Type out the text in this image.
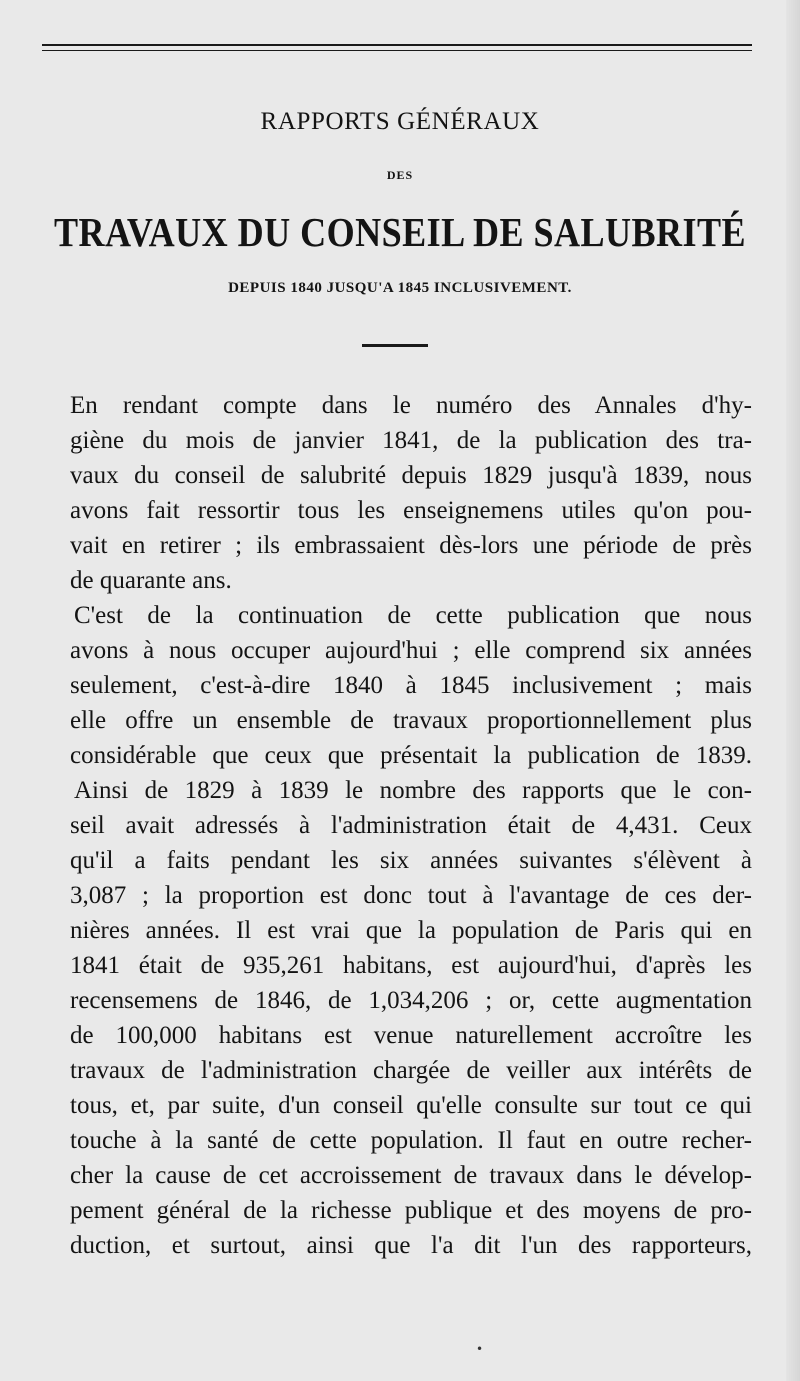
RAPPORTS GÉNÉRAUX
DES
TRAVAUX DU CONSEIL DE SALUBRITÉ
DEPUIS 1840 JUSQU'A 1845 INCLUSIVEMENT.
En rendant compte dans le numéro des Annales d'hy-
giène du mois de janvier 1841, de la publication des tra-
vaux du conseil de salubrité depuis 1829 jusqu'à 1839, nous
avons fait ressortir tous les enseignemens utiles qu'on pou-
vait en retirer ; ils embrassaient dès-lors une période de près
de quarante ans.
C'est de la continuation de cette publication que nous
avons à nous occuper aujourd'hui ; elle comprend six années
seulement, c'est-à-dire 1840 à 1845 inclusivement ; mais
elle offre un ensemble de travaux proportionnellement plus
considérable que ceux que présentait la publication de 1839.
Ainsi de 1829 à 1839 le nombre des rapports que le con-
seil avait adressés à l'administration était de 4,431. Ceux
qu'il a faits pendant les six années suivantes s'élèvent à
3,087 ; la proportion est donc tout à l'avantage de ces der-
nières années. Il est vrai que la population de Paris qui en
1841 était de 935,261 habitans, est aujourd'hui, d'après les
recensemens de 1846, de 1,034,206 ; or, cette augmentation
de 100,000 habitans est venue naturellement accroître les
travaux de l'administration chargée de veiller aux intérêts de
tous, et, par suite, d'un conseil qu'elle consulte sur tout ce qui
touche à la santé de cette population. Il faut en outre recher-
cher la cause de cet accroissement de travaux dans le dévelop-
pement général de la richesse publique et des moyens de pro-
duction, et surtout, ainsi que l'a dit l'un des rapporteurs,
•
